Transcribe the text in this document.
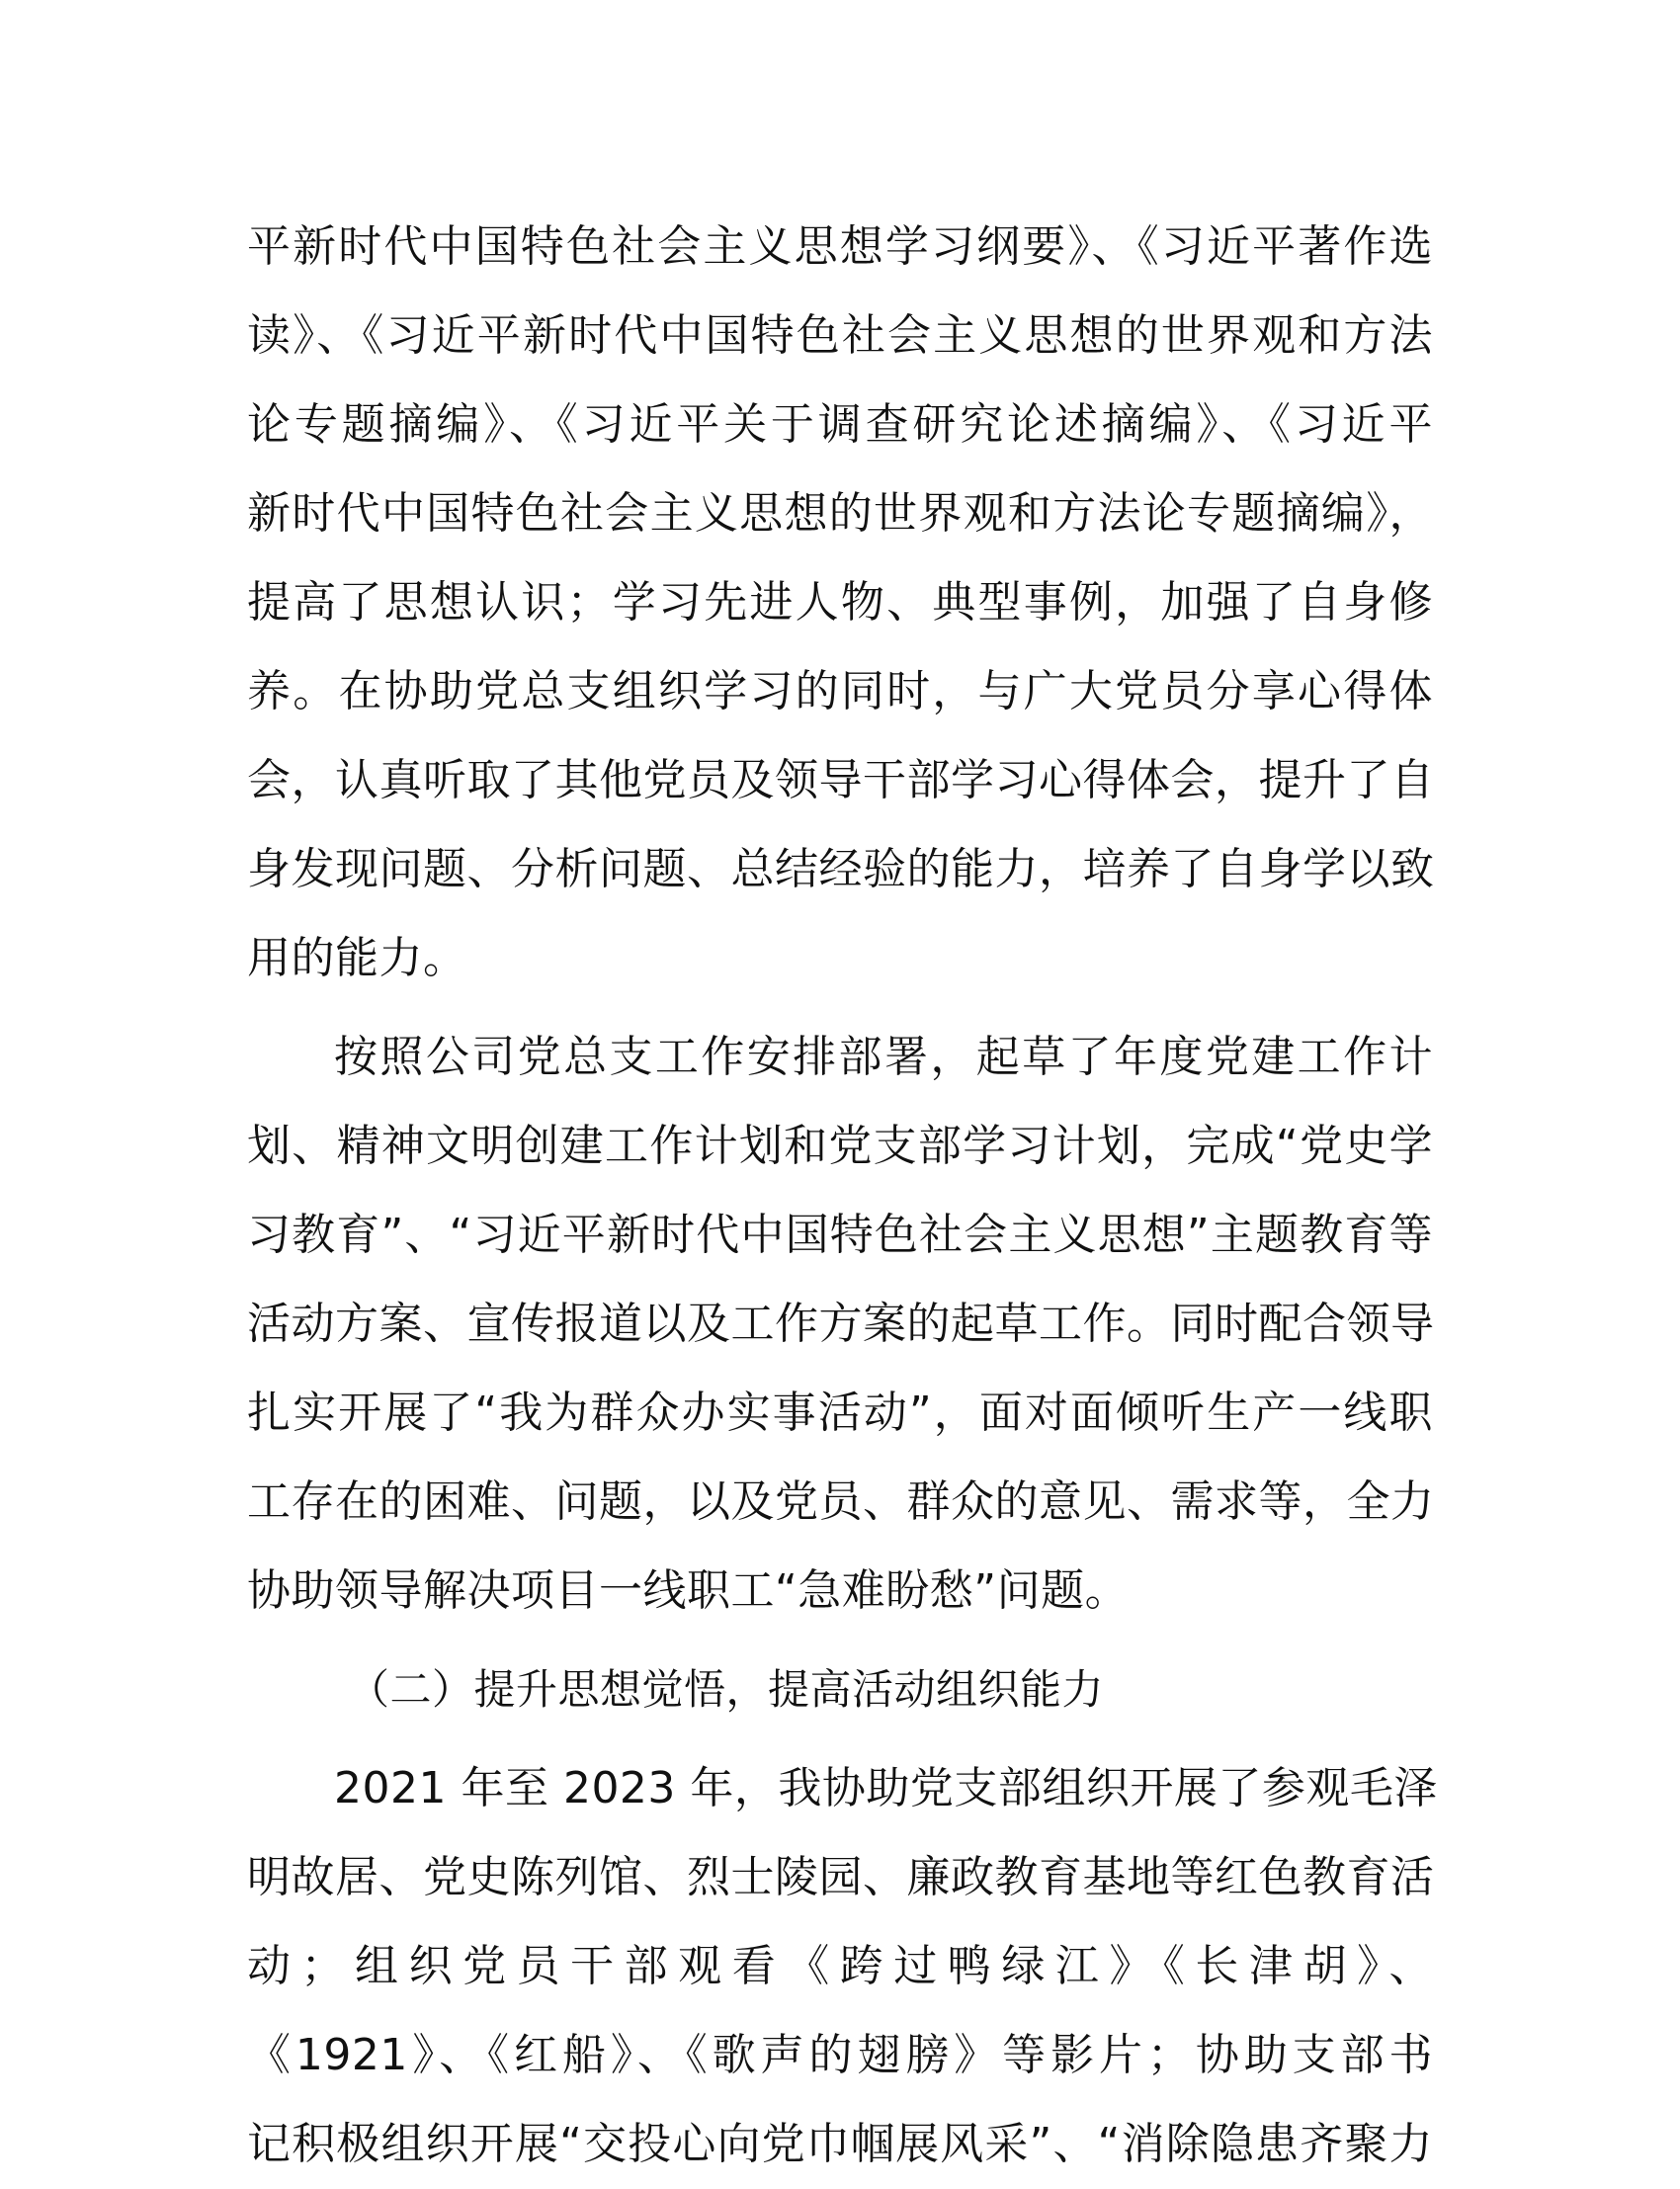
平新时代中国特色社会主义思想学习纲要》、《习近平著作选
读》、《习近平新时代中国特色社会主义思想的世界观和方法
论专题摘编》、《习近平关于调查研究论述摘编》、《习近平
新时代中国特色社会主义思想的世界观和方法论专题摘编》，
提高了思想认识；学习先进人物、典型事例，加强了自身修
养。在协助党总支组织学习的同时，与广大党员分享心得体
会，认真听取了其他党员及领导干部学习心得体会，提升了自
身发现问题、分析问题、总结经验的能力，培养了自身学以致
用的能力。
按照公司党总支工作安排部署，起草了年度党建工作计
划、精神文明创建工作计划和党支部学习计划，完成“党史学
习教育”、“习近平新时代中国特色社会主义思想”主题教育等
活动方案、宣传报道以及工作方案的起草工作。同时配合领导
扎实开展了“我为群众办实事活动”，面对面倾听生产一线职
工存在的困难、问题，以及党员、群众的意见、需求等，全力
协助领导解决项目一线职工“急难盼愁”问题。
（二）提升思想觉悟，提高活动组织能力
2021 年至 2023 年，我协助党支部组织开展了参观毛泽
明故居、党史陈列馆、烈士陵园、廉政教育基地等红色教育活
动；组织党员干部观看《跨过鸭绿江》《长津胡》、
《1921》、《红船》、《歌声的翅膀》等影片；协助支部书
记积极组织开展“交投心向党巾帼展风采”、“消除隐患齐聚力
